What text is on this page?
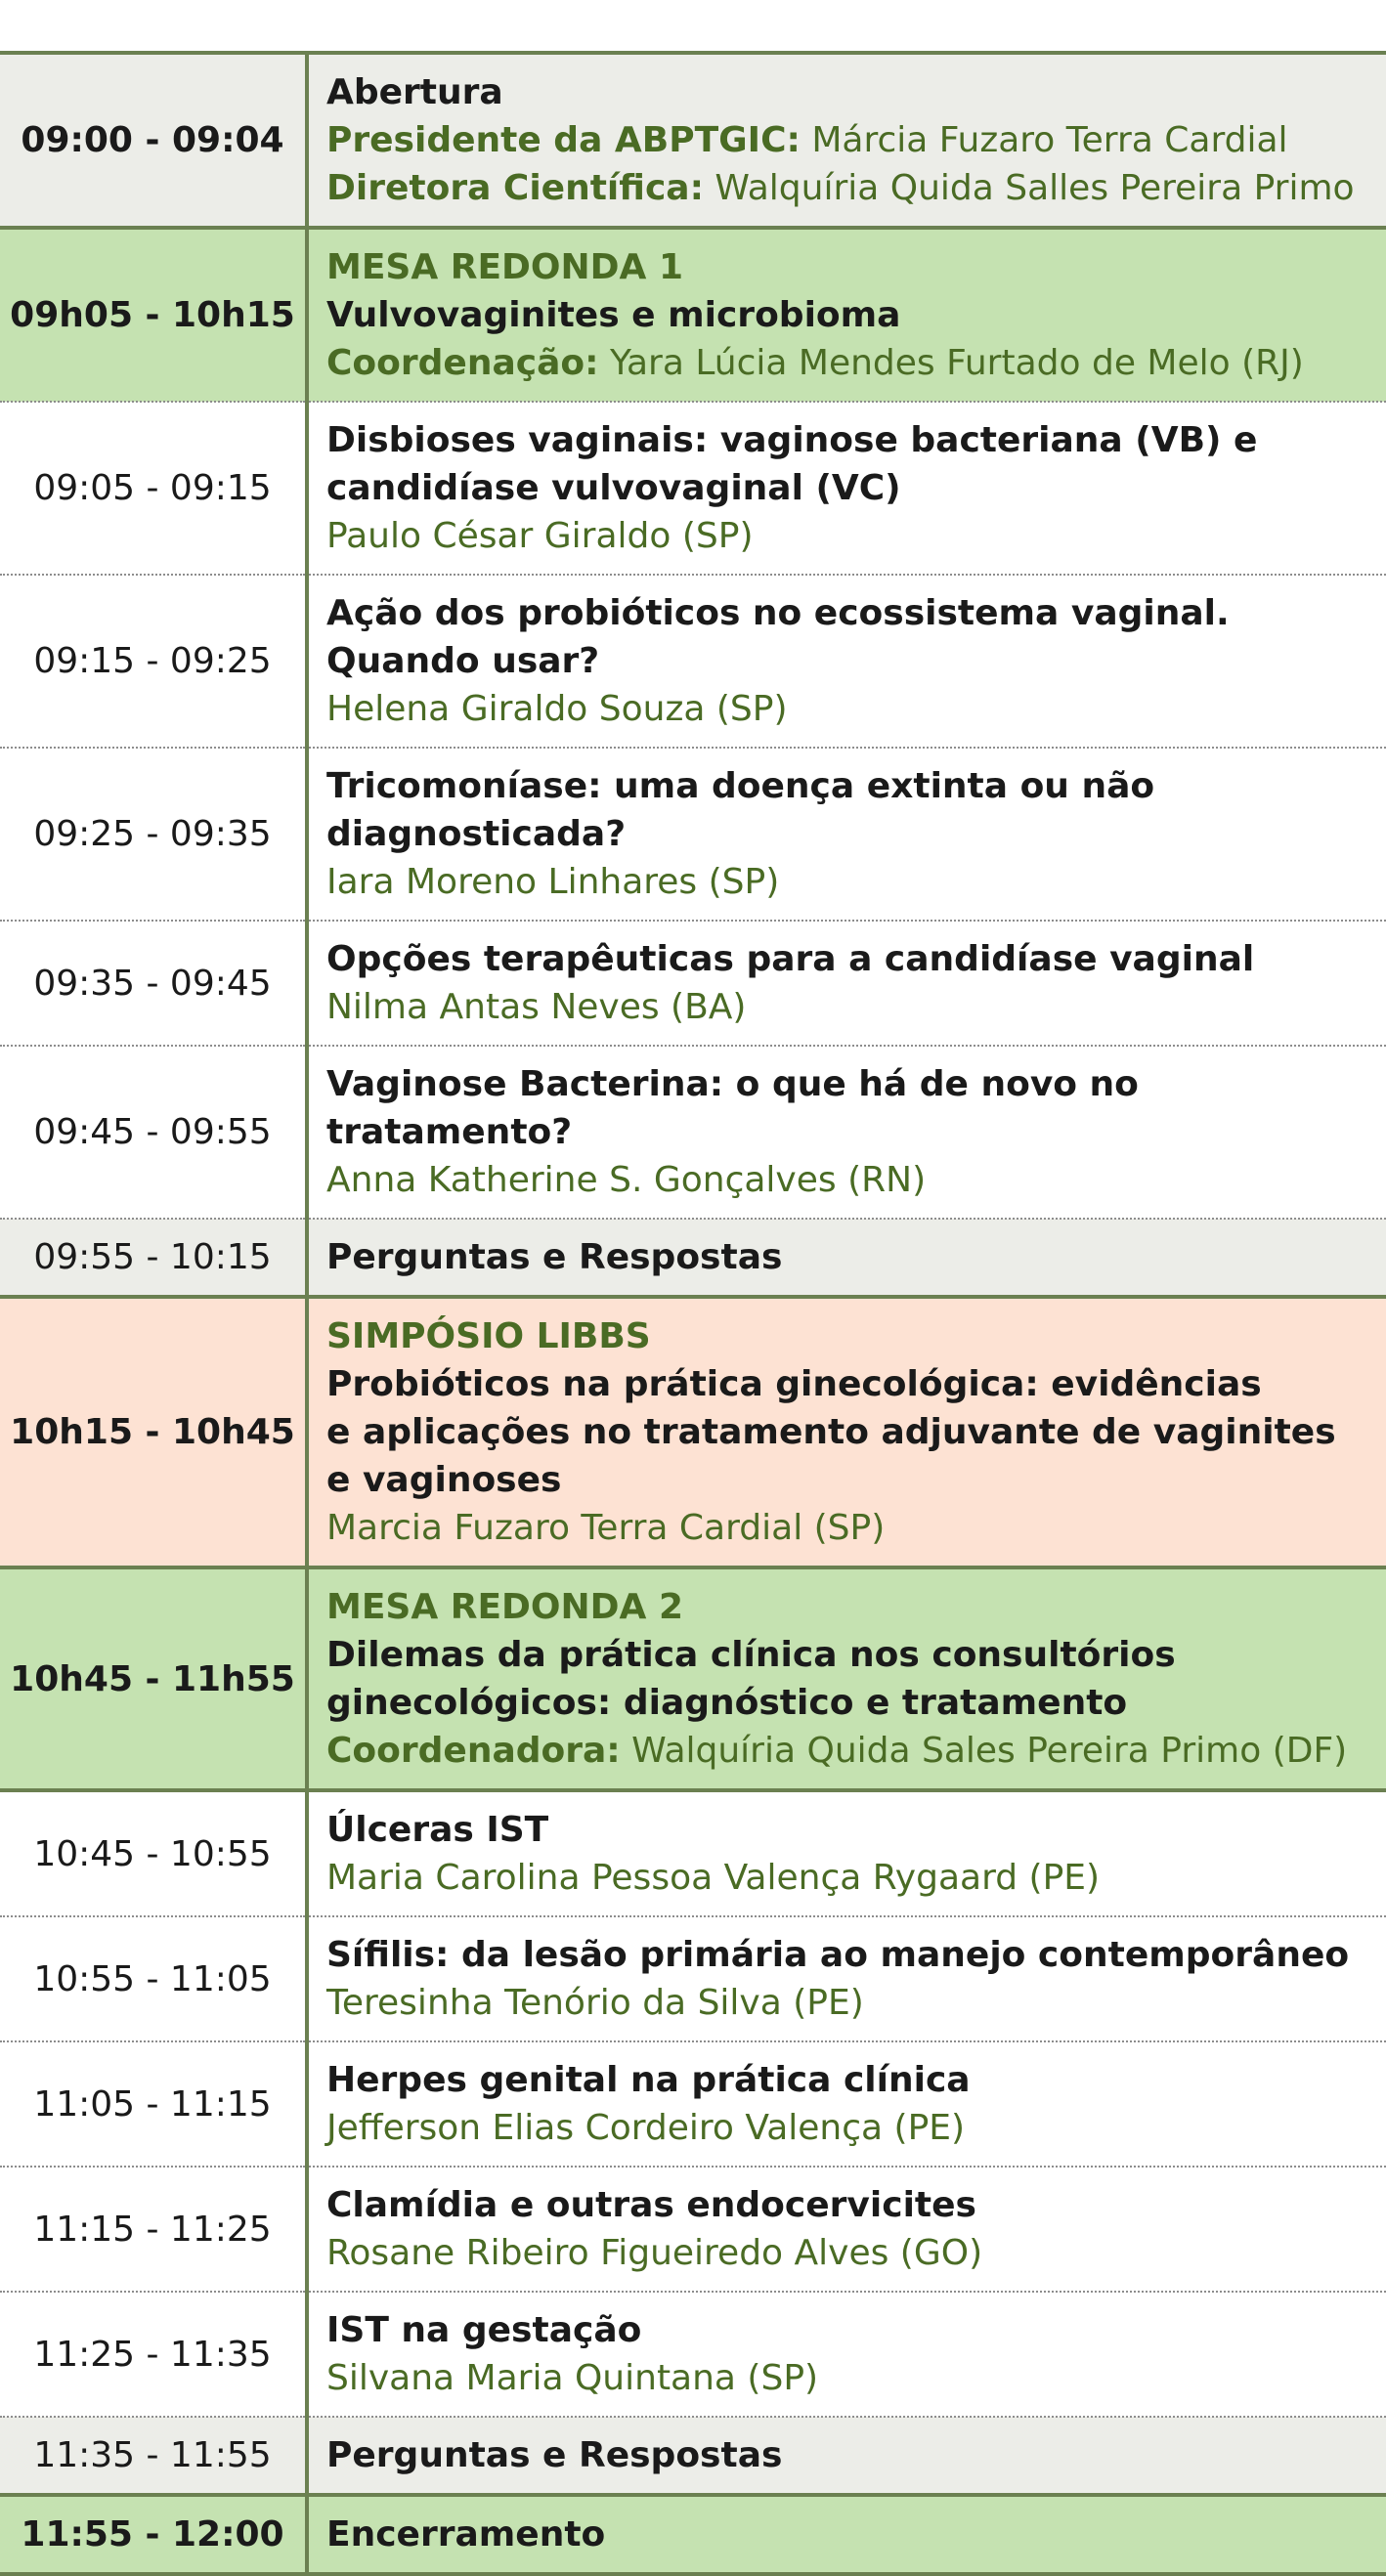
09:00 - 09:04	Abertura
Presidente da ABPTGIC: Márcia Fuzaro Terra Cardial
Diretora Científica: Walquíria Quida Salles Pereira Primo

09h05 - 10h15	MESA REDONDA 1
Vulvovaginites e microbioma
Coordenação: Yara Lúcia Mendes Furtado de Melo (RJ)

09:05 - 09:15	Disbioses vaginais: vaginose bacteriana (VB) e
candidíase vulvovaginal (VC)
Paulo César Giraldo (SP)

09:15 - 09:25	Ação dos probióticos no ecossistema vaginal.
Quando usar?
Helena Giraldo Souza (SP)

09:25 - 09:35	Tricomoníase: uma doença extinta ou não
diagnosticada?
Iara Moreno Linhares (SP)

09:35 - 09:45	Opções terapêuticas para a candidíase vaginal
Nilma Antas Neves (BA)

09:45 - 09:55	Vaginose Bacterina: o que há de novo no tratamento?
Anna Katherine S. Gonçalves (RN)

09:55 - 10:15	Perguntas e Respostas

10h15 - 10h45	SIMPÓSIO LIBBS
Probióticos na prática ginecológica: evidências
e aplicações no tratamento adjuvante de vaginites
e vaginoses
Marcia Fuzaro Terra Cardial (SP)

10h45 - 11h55	MESA REDONDA 2
Dilemas da prática clínica nos consultórios
ginecológicos: diagnóstico e tratamento
Coordenadora: Walquíria Quida Sales Pereira Primo (DF)

10:45 - 10:55	Úlceras IST
Maria Carolina Pessoa Valença Rygaard (PE)

10:55 - 11:05	Sífilis: da lesão primária ao manejo contemporâneo
Teresinha Tenório da Silva (PE)

11:05 - 11:15	Herpes genital na prática clínica
Jefferson Elias Cordeiro Valença (PE)

11:15 - 11:25	Clamídia e outras endocervicites
Rosane Ribeiro Figueiredo Alves (GO)

11:25 - 11:35	IST na gestação
Silvana Maria Quintana (SP)

11:35 - 11:55	Perguntas e Respostas

11:55 - 12:00	Encerramento
